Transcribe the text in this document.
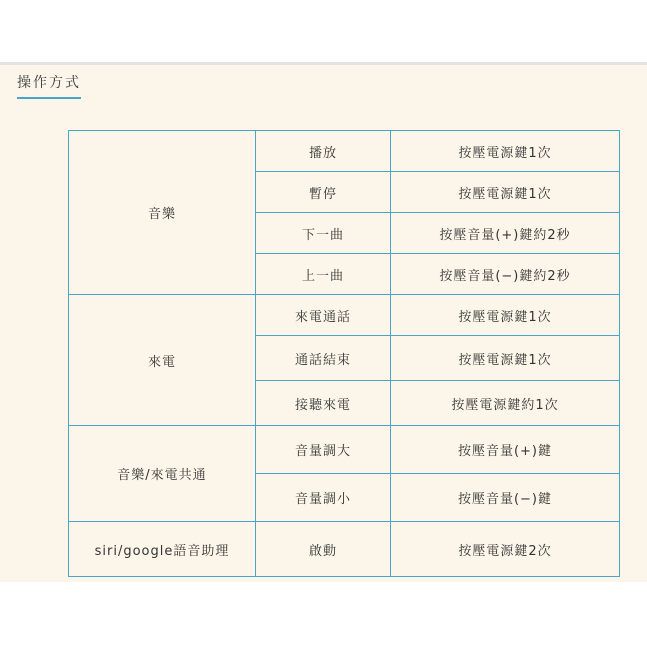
操作方式
音樂	播放	按壓電源鍵1次
	暫停	按壓電源鍵1次
	下一曲	按壓音量(+)鍵約2秒
	上一曲	按壓音量(−)鍵約2秒
來電	來電通話	按壓電源鍵1次
	通話結束	按壓電源鍵1次
	接聽來電	按壓電源鍵約1次
音樂/來電共通	音量調大	按壓音量(+)鍵
	音量調小	按壓音量(−)鍵
siri/google語音助理	啟動	按壓電源鍵2次
